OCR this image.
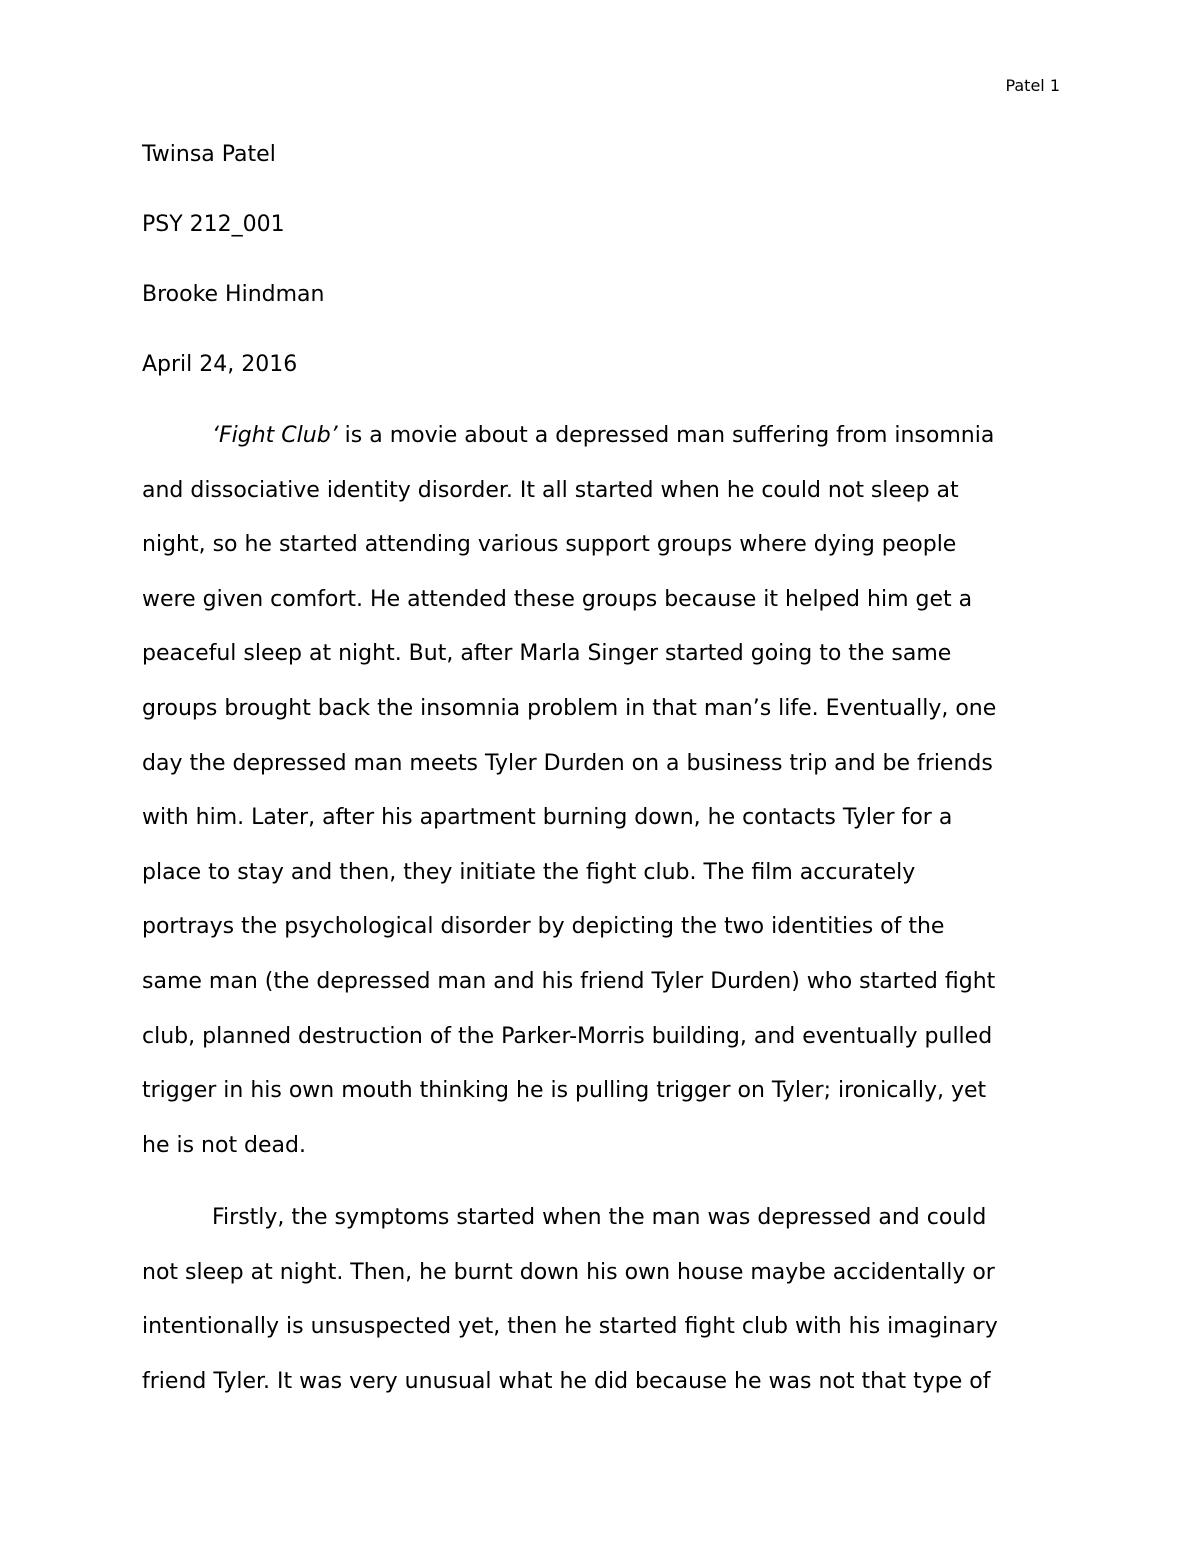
Patel 1
Twinsa Patel
PSY 212_001
Brooke Hindman
April 24, 2016
‘Fight Club’ is a movie about a depressed man suffering from insomnia
and dissociative identity disorder. It all started when he could not sleep at
night, so he started attending various support groups where dying people
were given comfort. He attended these groups because it helped him get a
peaceful sleep at night. But, after Marla Singer started going to the same
groups brought back the insomnia problem in that man’s life. Eventually, one
day the depressed man meets Tyler Durden on a business trip and be friends
with him. Later, after his apartment burning down, he contacts Tyler for a
place to stay and then, they initiate the fight club. The film accurately
portrays the psychological disorder by depicting the two identities of the
same man (the depressed man and his friend Tyler Durden) who started fight
club, planned destruction of the Parker-Morris building, and eventually pulled
trigger in his own mouth thinking he is pulling trigger on Tyler; ironically, yet
he is not dead.
Firstly, the symptoms started when the man was depressed and could
not sleep at night. Then, he burnt down his own house maybe accidentally or
intentionally is unsuspected yet, then he started fight club with his imaginary
friend Tyler. It was very unusual what he did because he was not that type of
